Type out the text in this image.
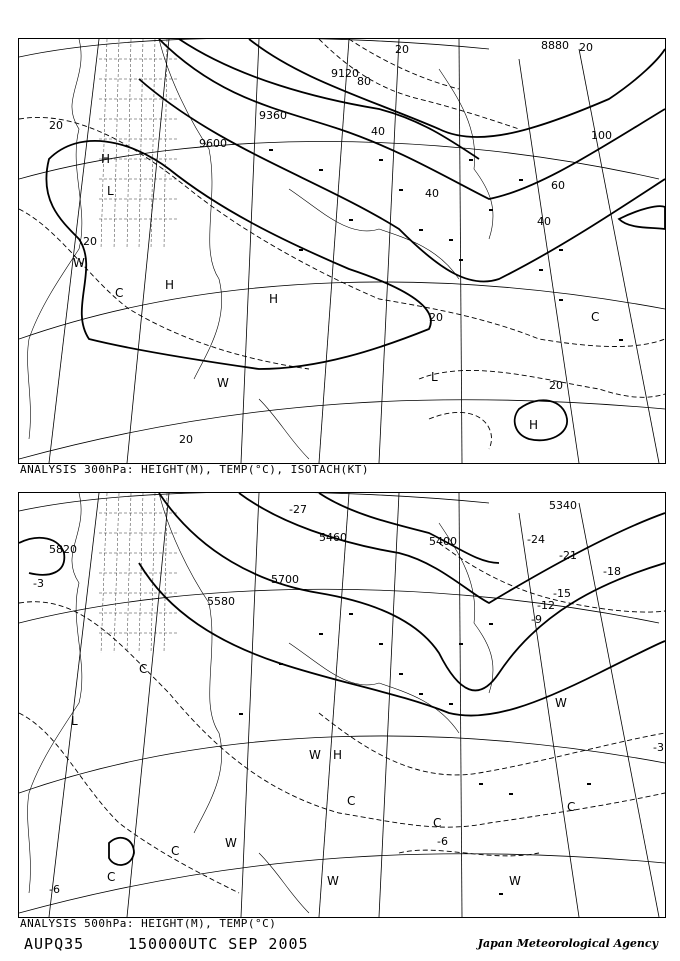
9360
9600
9120
8880
20	20
40
40
40
60
80
100
20
20
20
20
20
H
H
H
H
L
C
C
W
W	L
ANALYSIS 300hPa: HEIGHT(M), TEMP(°C), ISOTACH(KT)
5820
5700
5460
5580
5340
5400
-3
-6
-9
-12
-15
-18
-21
-24
-27
-3
-6
C
C
C
C
C
C
W
W
W	W
W
H
L
ANALYSIS 500hPa: HEIGHT(M), TEMP(°C)
AUPQ35	150000UTC SEP 2005	Japan Meteorological Agency
